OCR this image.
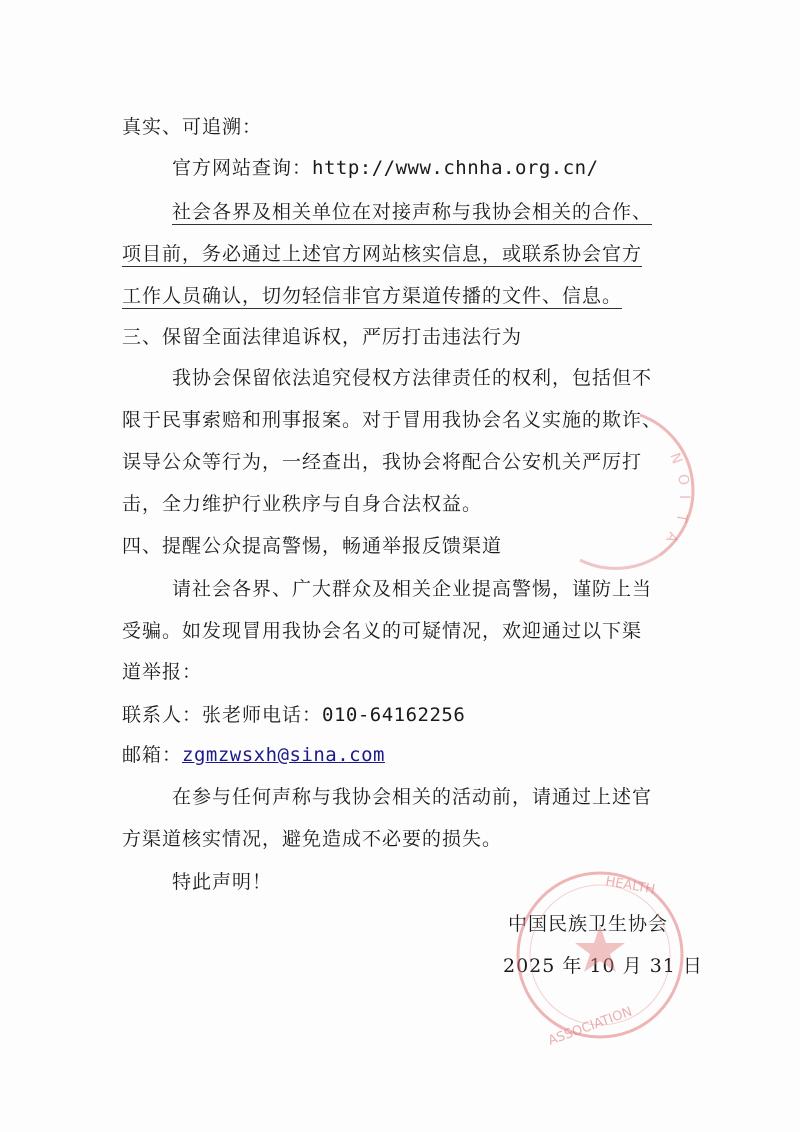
真实、可追溯：
官方网站查询：http://www.chnha.org.cn/
社会各界及相关单位在对接声称与我协会相关的合作、
项目前，务必通过上述官方网站核实信息，或联系协会官方
工作人员确认，切勿轻信非官方渠道传播的文件、信息。
三、保留全面法律追诉权，严厉打击违法行为
我协会保留依法追究侵权方法律责任的权利，包括但不
限于民事索赔和刑事报案。对于冒用我协会名义实施的欺诈、
误导公众等行为，一经查出，我协会将配合公安机关严厉打
击，全力维护行业秩序与自身合法权益。
四、提醒公众提高警惕，畅通举报反馈渠道
请社会各界、广大群众及相关企业提高警惕，谨防上当
受骗。如发现冒用我协会名义的可疑情况，欢迎通过以下渠
道举报：
联系人：张老师电话：010-64162256
邮箱：zgmzwsxh@sina.com
在参与任何声称与我协会相关的活动前，请通过上述官
方渠道核实情况，避免造成不必要的损失。
特此声明！
中国民族卫生协会
2025 年 10 月 31 日
N
O
I
T
A
HEALTH
ASSOCIATION
